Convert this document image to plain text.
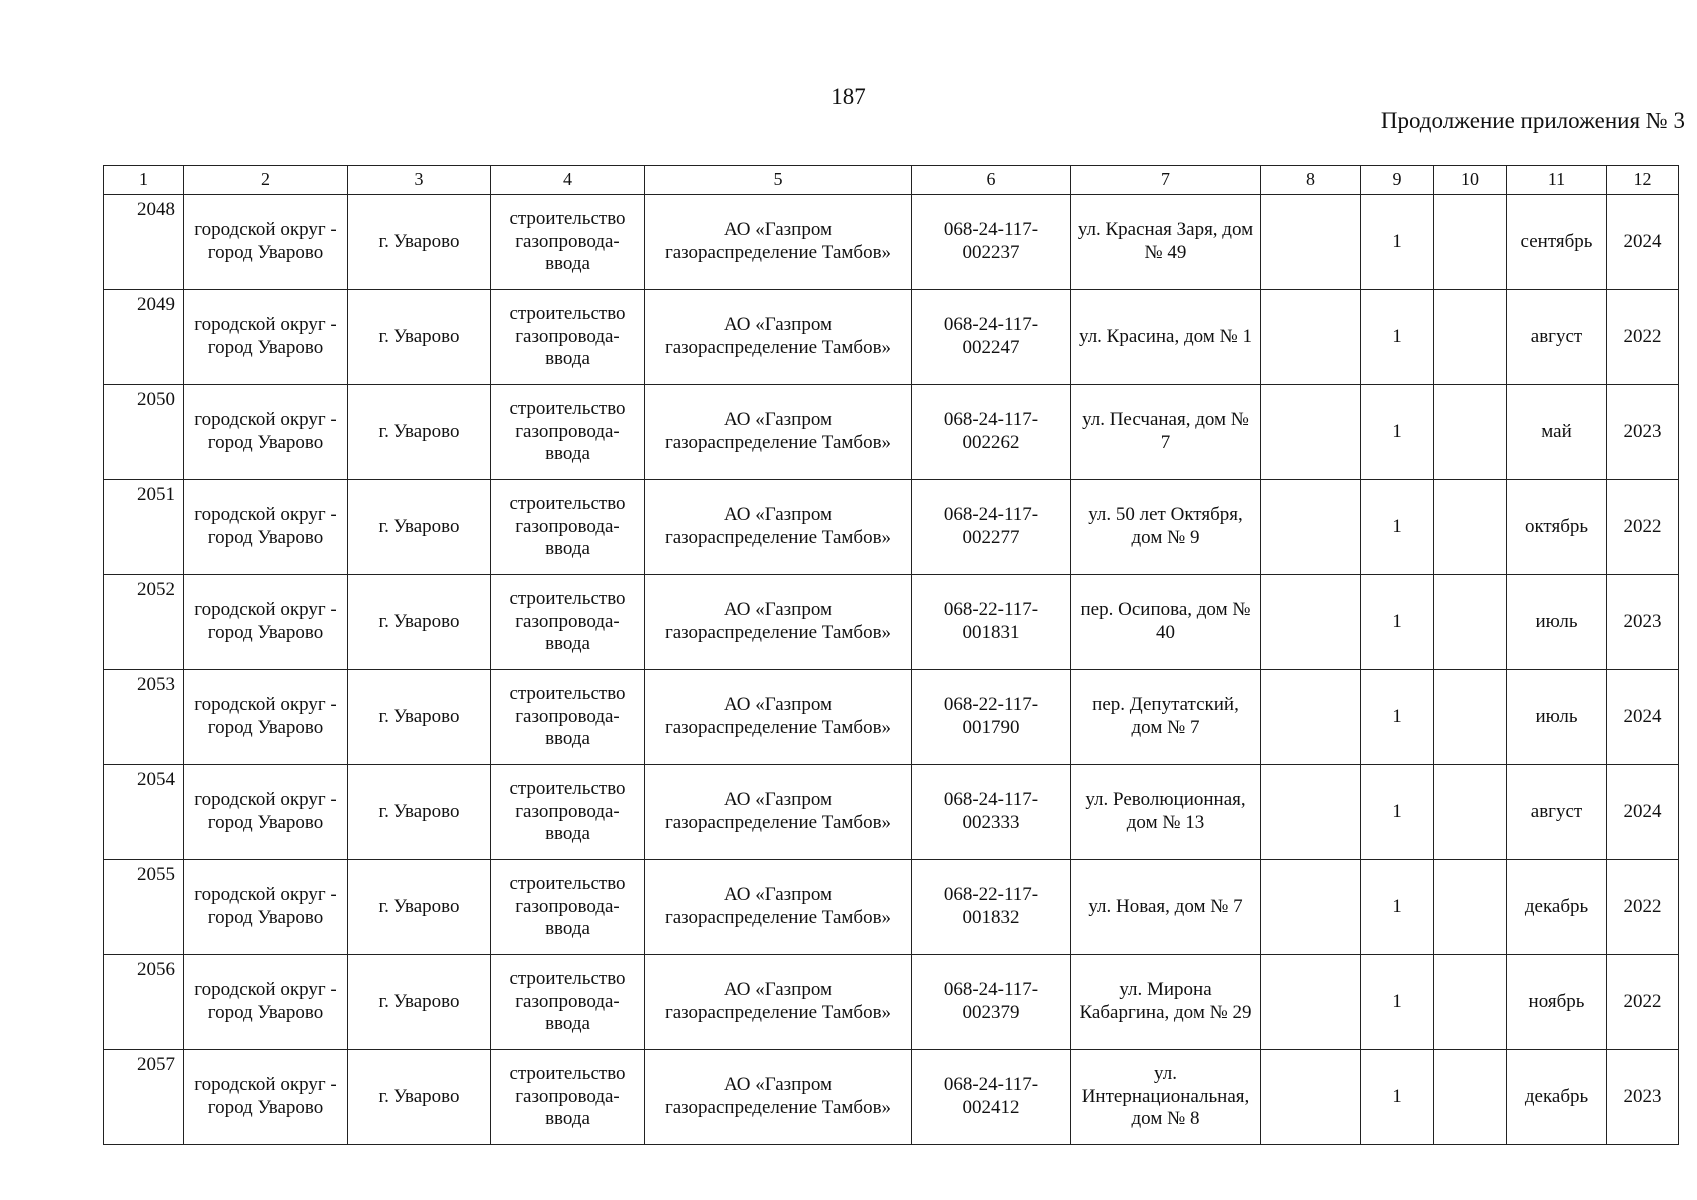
187
Продолжение приложения № 3
1	2	3	4	5	6	7	8	9	10	11	12
2048	городской округ - город Уварово	г. Уварово	строительство газопровода-ввода	АО «Газпром газораспределение Тамбов»	068-24-117-002237	ул. Красная Заря, дом № 49		1		сентябрь	2024
2049	городской округ - город Уварово	г. Уварово	строительство газопровода-ввода	АО «Газпром газораспределение Тамбов»	068-24-117-002247	ул. Красина, дом № 1		1		август	2022
2050	городской округ - город Уварово	г. Уварово	строительство газопровода-ввода	АО «Газпром газораспределение Тамбов»	068-24-117-002262	ул. Песчаная, дом № 7		1		май	2023
2051	городской округ - город Уварово	г. Уварово	строительство газопровода-ввода	АО «Газпром газораспределение Тамбов»	068-24-117-002277	ул. 50 лет Октября, дом № 9		1		октябрь	2022
2052	городской округ - город Уварово	г. Уварово	строительство газопровода-ввода	АО «Газпром газораспределение Тамбов»	068-22-117-001831	пер. Осипова, дом № 40		1		июль	2023
2053	городской округ - город Уварово	г. Уварово	строительство газопровода-ввода	АО «Газпром газораспределение Тамбов»	068-22-117-001790	пер. Депутатский, дом № 7		1		июль	2024
2054	городской округ - город Уварово	г. Уварово	строительство газопровода-ввода	АО «Газпром газораспределение Тамбов»	068-24-117-002333	ул. Революционная, дом № 13		1		август	2024
2055	городской округ - город Уварово	г. Уварово	строительство газопровода-ввода	АО «Газпром газораспределение Тамбов»	068-22-117-001832	ул. Новая, дом № 7		1		декабрь	2022
2056	городской округ - город Уварово	г. Уварово	строительство газопровода-ввода	АО «Газпром газораспределение Тамбов»	068-24-117-002379	ул. Мирона Кабаргина, дом № 29		1		ноябрь	2022
2057	городской округ - город Уварово	г. Уварово	строительство газопровода-ввода	АО «Газпром газораспределение Тамбов»	068-24-117-002412	ул. Интернациональная, дом № 8		1		декабрь	2023
